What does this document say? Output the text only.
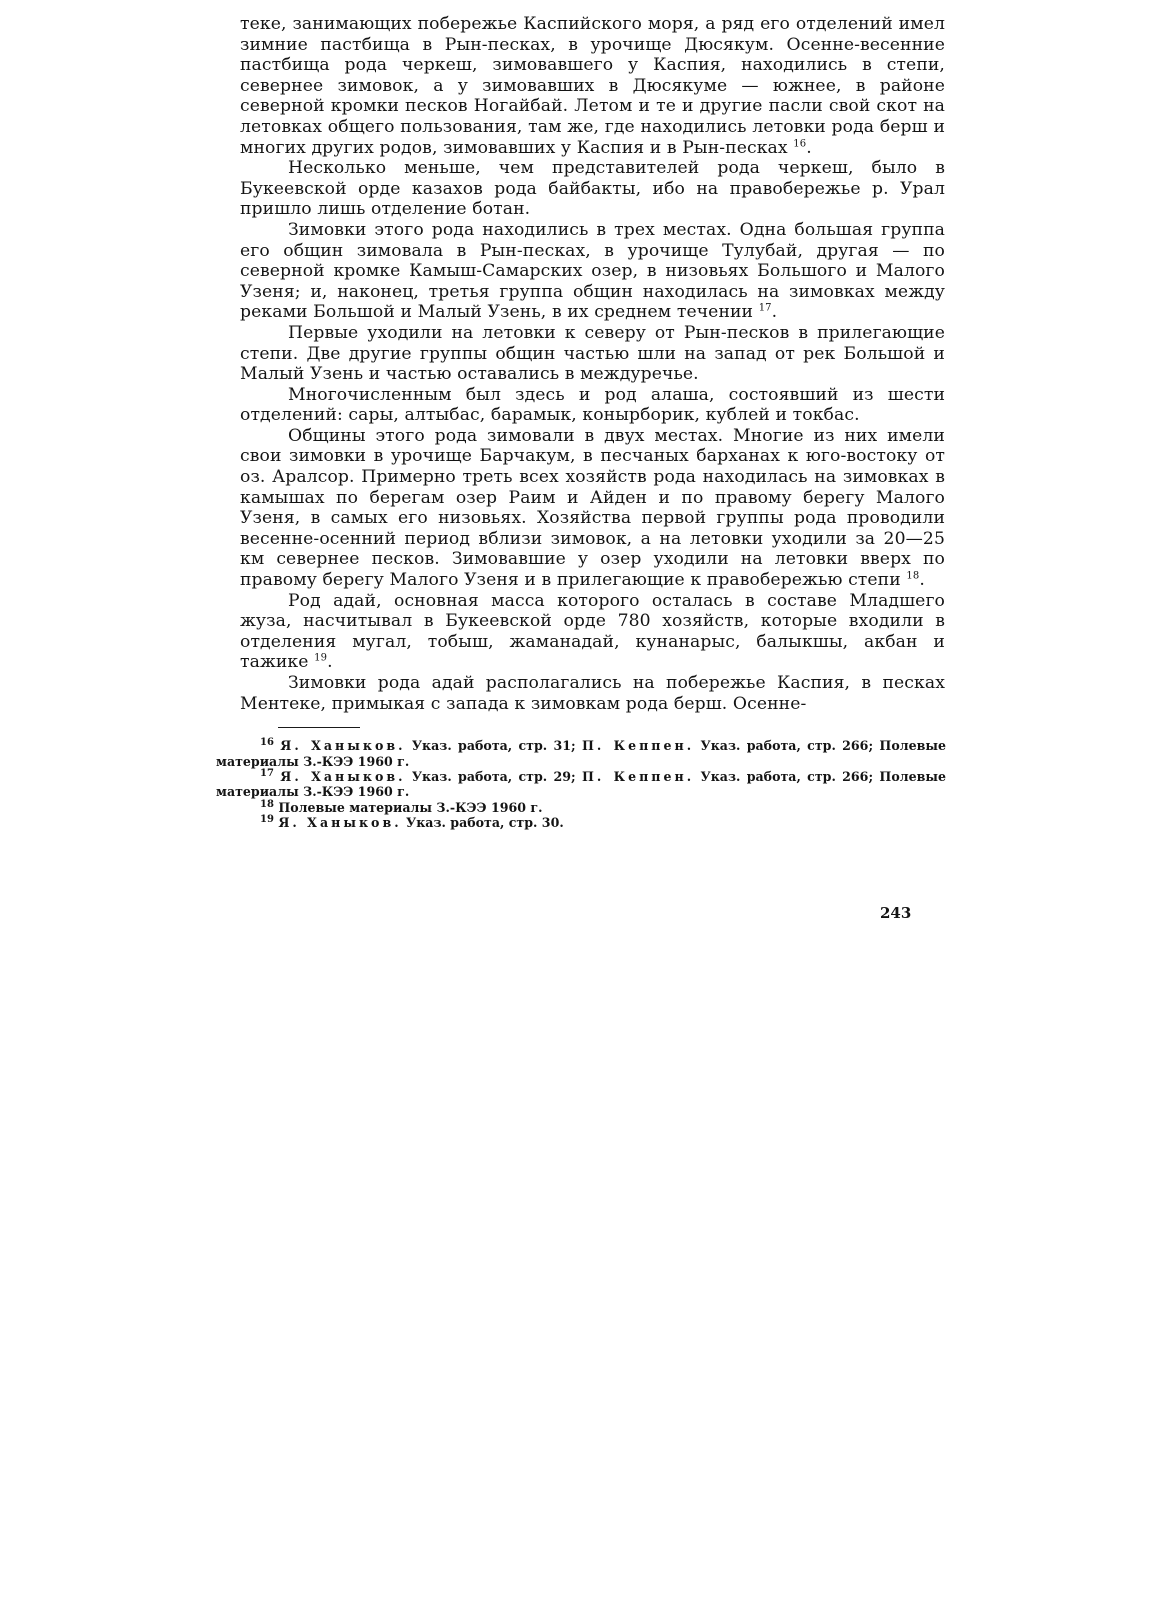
теке, занимающих побережье Каспийского моря, а ряд его отделений имел зимние пастбища в Рын-песках, в урочище Дюсякум. Осенне-весенние пастбища рода черкеш, зимовавшего у Каспия, находились в степи, севернее зимовок, а у зимовавших в Дюсякуме — южнее, в районе северной кромки песков Ногайбай. Летом и те и другие пасли свой скот на летовках общего пользования, там же, где находились летовки рода берш и многих других родов, зимовавших у Каспия и в Рын-песках $^{16}$.

Несколько меньше, чем представителей рода черкеш, было в Букеевской орде казахов рода байбакты, ибо на правобережье р. Урал пришло лишь отделение ботан.

Зимовки этого рода находились в трех местах. Одна большая группа его общин зимовала в Рын-песках, в урочище Тулубай, другая — по северной кромке Камыш-Самарских озер, в низовьях Большого и Малого Узеня; и, наконец, третья группа общин находилась на зимовках между реками Большой и Малый Узень, в их среднем течении $^{17}$.

Первые уходили на летовки к северу от Рын-песков в прилегающие степи. Две другие группы общин частью шли на запад от рек Большой и Малый Узень и частью оставались в междуречье.

Многочисленным был здесь и род алаша, состоявший из шести отделений: сары, алтыбас, барамык, конырборик, кублей и токбас.

Общины этого рода зимовали в двух местах. Многие из них имели свои зимовки в урочище Барчакум, в песчаных барханах к юго-востоку от оз. Аралсор. Примерно треть всех хозяйств рода находилась на зимовках в камышах по берегам озер Раим и Айден и по правому берегу Малого Узеня, в самых его низовьях. Хозяйства первой группы рода проводили весенне-осенний период вблизи зимовок, а на летовки уходили за 20—25 км севернее песков. Зимовавшие у озер уходили на летовки вверх по правому берегу Малого Узеня и в прилегающие к правобережью степи $^{18}$.

Род адай, основная масса которого осталась в составе Младшего жуза, насчитывал в Букеевской орде 780 хозяйств, которые входили в отделения мугал, тобыш, жаманадай, кунанарыс, балыкшы, акбан и тажике $^{19}$.

Зимовки рода адай располагались на побережье Каспия, в песках Ментеке, примыкая с запада к зимовкам рода берш. Осенне-

$^{16}$ Я. Ханыков. Указ. работа, стр. 31; П. Кеппен. Указ. работа, стр. 266; Полевые материалы З.-КЭЭ 1960 г.

$^{17}$ Я. Ханыков. Указ. работа, стр. 29; П. Кеппен. Указ. работа, стр. 266; Полевые материалы З.-КЭЭ 1960 г.

$^{18}$ Полевые материалы З.-КЭЭ 1960 г.

$^{19}$ Я. Ханыков. Указ. работа, стр. 30.

243
